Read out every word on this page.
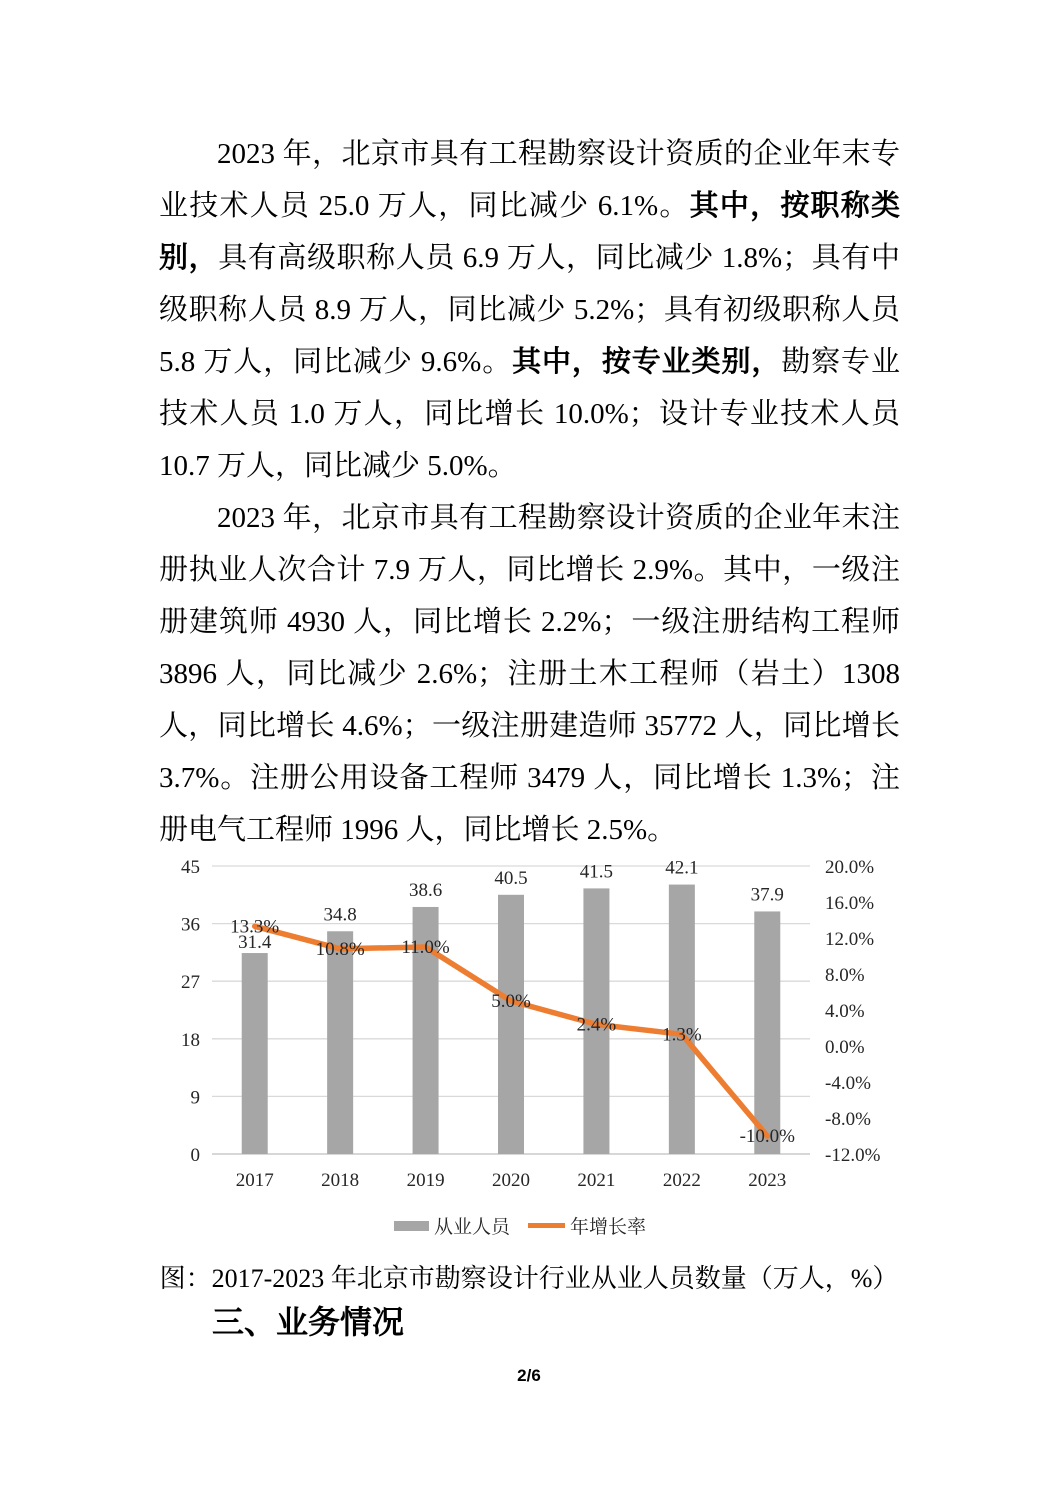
2023 年，北京市具有工程勘察设计资质的企业年末专业技术人员 25.0 万人，同比减少 6.1%。其中，按职称类别，具有高级职称人员 6.9 万人，同比减少 1.8%；具有中级职称人员 8.9 万人，同比减少 5.2%；具有初级职称人员 5.8 万人，同比减少 9.6%。其中，按专业类别，勘察专业技术人员 1.0 万人，同比增长 10.0%；设计专业技术人员 10.7 万人，同比减少 5.0%。

2023 年，北京市具有工程勘察设计资质的企业年末注册执业人次合计 7.9 万人，同比增长 2.9%。其中，一级注册建筑师 4930 人，同比增长 2.2%；一级注册结构工程师 3896 人，同比减少 2.6%；注册土木工程师（岩土）1308 人，同比增长 4.6%；一级注册建造师 35772 人，同比增长 3.7%。注册公用设备工程师 3479 人，同比增长 1.3%；注册电气工程师 1996 人，同比增长 2.5%。

31.4
34.8
38.6
40.5	41.5	42.1
37.9
13.3%
10.8% 11.0%
5.0%
2.4% 1.3%
-10.0%
0
9
18
27
36
45	20.0%
16.0%
12.0%
8.0%
4.0%
0.0%
-4.0%
-8.0%
-12.0%
2017 2018 2019 2020 2021 2022 2023
从业人员	年增长率
图：2017-2023 年北京市勘察设计行业从业人员数量（万人，%）
三、业务情况
2/6
